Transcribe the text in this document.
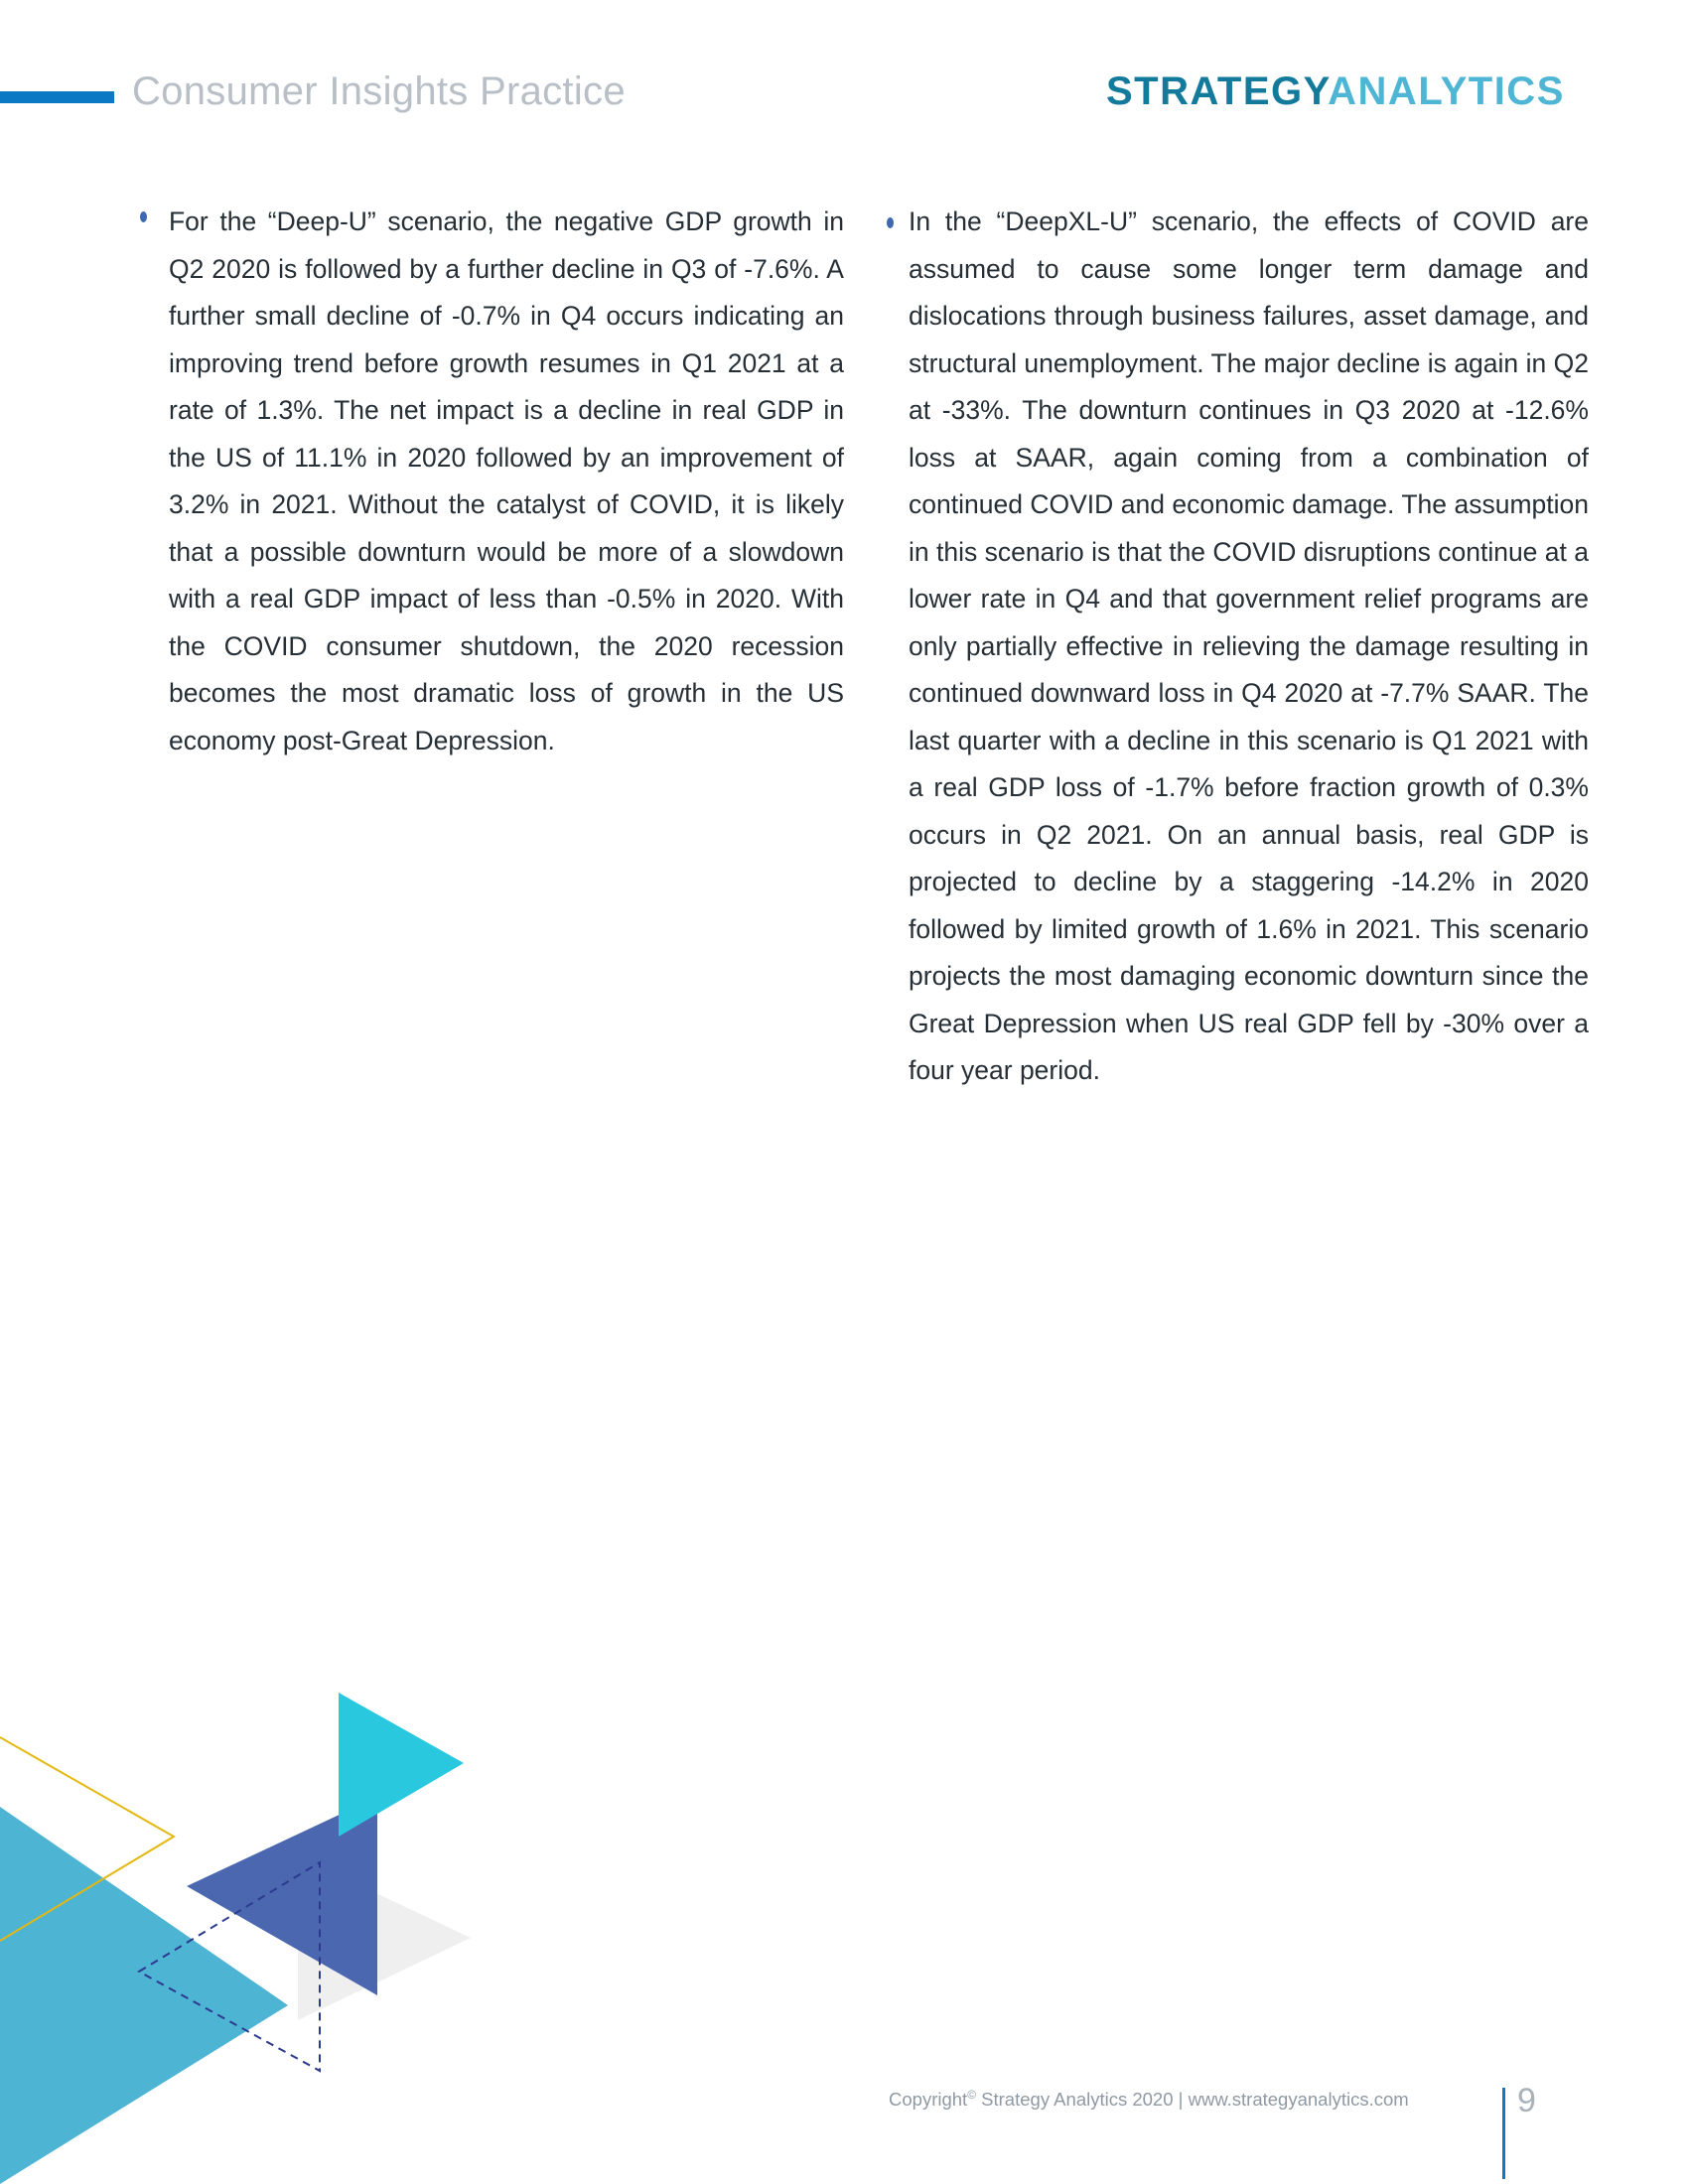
Consumer Insights Practice	STRATEGYANALYTICS
For the “Deep-U” scenario, the negative GDP growth in Q2 2020 is followed by a further decline in Q3 of -7.6%. A further small decline of -0.7% in Q4 occurs indicating an improving trend before growth resumes in Q1 2021 at a rate of 1.3%. The net impact is a decline in real GDP in the US of 11.1% in 2020 followed by an improvement of 3.2% in 2021. Without the catalyst of COVID, it is likely that a possible downturn would be more of a slowdown with a real GDP impact of less than -0.5% in 2020. With the COVID consumer shutdown, the 2020 recession becomes the most dramatic loss of growth in the US economy post-Great Depression.
In the “DeepXL-U” scenario, the effects of COVID are assumed to cause some longer term damage and dislocations through business failures, asset damage, and structural unemployment. The major decline is again in Q2 at -33%. The downturn continues in Q3 2020 at -12.6% loss at SAAR, again coming from a combination of continued COVID and economic damage. The assumption in this scenario is that the COVID disruptions continue at a lower rate in Q4 and that government relief programs are only partially effective in relieving the damage resulting in continued downward loss in Q4 2020 at -7.7% SAAR. The last quarter with a decline in this scenario is Q1 2021 with a real GDP loss of -1.7% before fraction growth of 0.3% occurs in Q2 2021. On an annual basis, real GDP is projected to decline by a staggering -14.2% in 2020 followed by limited growth of 1.6% in 2021. This scenario projects the most damaging economic downturn since the Great Depression when US real GDP fell by -30% over a four year period.
Copyright© Strategy Analytics 2020 | www.strategyanalytics.com	9
